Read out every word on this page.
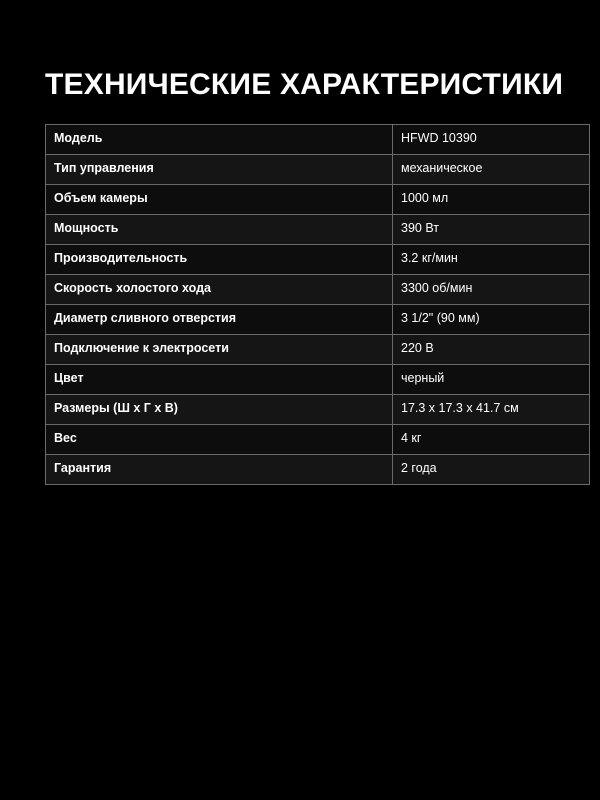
ТЕХНИЧЕСКИЕ ХАРАКТЕРИСТИКИ
Модель	HFWD 10390
Тип управления	механическое
Объем камеры	1000 мл
Мощность	390 Вт
Производительность	3.2 кг/мин
Скорость холостого хода	3300 об/мин
Диаметр сливного отверстия	3 1/2" (90 мм)
Подключение к электросети	220 В
Цвет	черный
Размеры (Ш х Г х В)	17.3 x 17.3 x 41.7 см
Вес	4 кг
Гарантия	2 года
